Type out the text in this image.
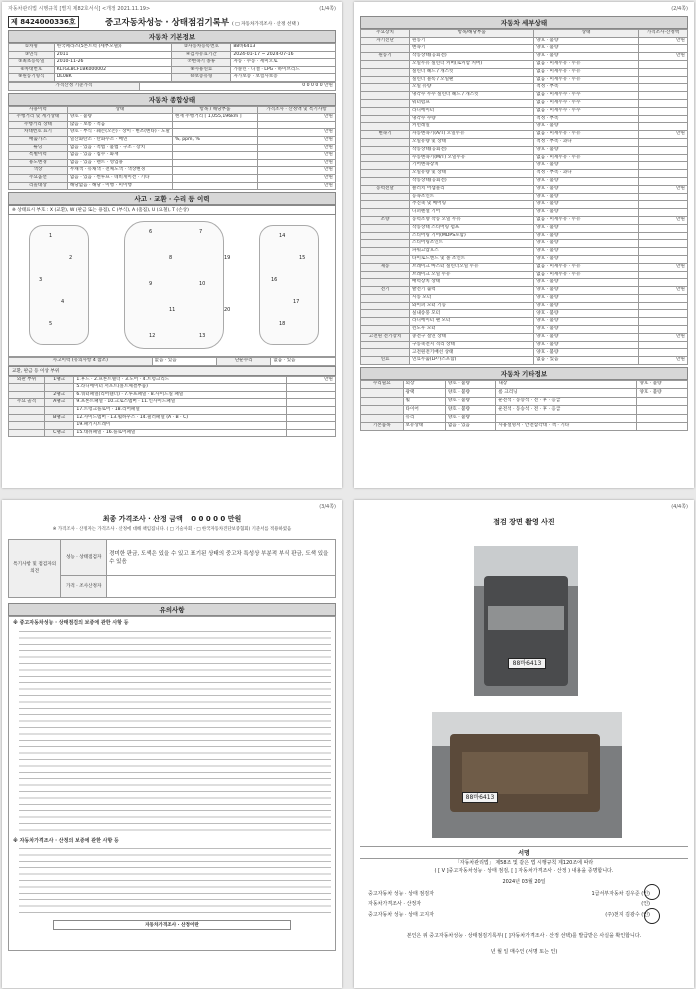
자동차관리법 시행규칙 [별지 제82호서식] <개정 2021.11.19>	(1/4쪽)
제 8424000336호	중고자동차성능 · 상태점검기록부 ( □ 자동차가격조사 · 산정 선택 )
자동차 기본정보
①차명	한국페라즈(5톤트럭 (세부모델))	②자동차등록번호	88바6413
③연식	2011	④검사유효기간	2024-01-17 ~ 2024-07-16
⑤최초등록일	2010-11-26	⑦변속기 종류	자동 · 수동 · 세미오토
⑥차대번호	KLTGL8CF1BK000002	⑧사용연료	가솔린 · 디젤 · LPG · 하이브리드
⑨원동기형식	DL08K	⑩보증유형	자가보증 · 보험사보증
가격산정 기준가격	0 0 0 0 0 만원
자동차 종합상태
사용이력	상태	항목 / 해당부품	가격조사 · 산정액 및 특기사항
주행거리 및 계기상태	양호 · 불량	현재 주행거리 [ 1,055,196km ]	만원
주행거리 상태	많음 · 보통 · 적음		
차대번호 표기	양호 · 부식 · 훼손(오손) · 상이 · 변조(변타) · 도말		만원
배출가스	일산화탄소 · 탄화수소 · 매연	%, ppm, %	만원
튜닝	없음 · 있음 · 적법 · 불법 · 구조 · 장치		만원
특별이력	없음 · 있음 · 침수 · 화재		만원
용도변경	없음 · 있음 · 렌트 · 영업용		만원
색상	무채색 · 유채색 · 전체도색 · 색상변경		만원
주요옵션	없음 · 있음 · 썬루프 · 네비게이션 · 기타		만원
리콜대상	해당없음 · 해당 · 이행 · 미이행		만원
사고 · 교환 · 수리 등 이력
※ 상태표시 부호 : X (교환), W (판금 또는 용접), C (부식), A (흠집), U (요철), T (손상)
1
2
3
4
5
6	7
8
9	10
11
12	13
14
15
16
17
18
19
20
사고이력 (유의사항 4 참조)	없음 · 있음	단순수리	없음 · 있음
교환, 판금 등 이상 부위
외판 부위	1랭크	1.후드 · 2.프론트휀더 · 3.도어 · 4.트렁크리드	만원
		5.라디에이터 서포트(볼트체결부품)	
	2랭크	6.쿼터패널(리어휀더) · 7.루프패널 · 8.사이드실 패널	
주요 골격	A랭크	9.프론트패널 · 10.크로스멤버 · 11.인사이드패널	
		17.트렁크플로어 · 18.리어패널	
	B랭크	12.사이드멤버 · 13.휠하우스 · 14.필러패널 (A · B · C)	
		19.패키지트레이	
	C랭크	15.대쉬패널 · 16.플로어패널	
(2/4쪽)
자동차 세부상태
주요장치	항목/해당부품	상태	가격조사·산정액
자기진단	원동기	양호 · 불량	만원
	변속기	양호 · 불량	
원동기	작동상태(공회전)	양호 · 불량	만원
	오일누유 실린더 커버(로커암 커버)	없음 · 미세누유 · 누유	
	실린더 헤드 / 개스킷	없음 · 미세누유 · 누유	
	실린더 블록 / 오일팬	없음 · 미세누유 · 누유	
	오일 유량	적정 · 부족	
	냉각수 누수 실린더 헤드 / 개스킷	없음 · 미세누수 · 누수	
	워터펌프	없음 · 미세누수 · 누수	
	라디에이터	없음 · 미세누수 · 누수	
	냉각수 수량	적정 · 부족	
	커먼레일	양호 · 불량	
변속기	자동변속기(A/T) 오일누유	없음 · 미세누유 · 누유	만원
	오일유량 및 상태	적정 · 부족 · 과다	
	작동상태(공회전)	양호 · 불량	
	수동변속기(M/T) 오일누유	없음 · 미세누유 · 누유	
	기어변속장치	양호 · 불량	
	오일유량 및 상태	적정 · 부족 · 과다	
	작동상태(공회전)	양호 · 불량	
동력전달	클러치 어셈블리	양호 · 불량	만원
	등속조인트	양호 · 불량	
	추진축 및 베어링	양호 · 불량	
	디퍼렌셜 기어	양호 · 불량	
조향	동력조향 작동 오일 누유	없음 · 미세누유 · 누유	만원
	작동상태 스티어링 펌프	양호 · 불량	
	스티어링 기어(MDPS포함)	양호 · 불량	
	스티어링조인트	양호 · 불량	
	파워고압호스	양호 · 불량	
	타이로드엔드 및 볼 조인트	양호 · 불량	
제동	브레이크 마스터 실린더오일 누유	없음 · 미세누유 · 누유	만원
	브레이크 오일 누유	없음 · 미세누유 · 누유	
	배력장치 상태	양호 · 불량	
전기	발전기 출력	양호 · 불량	만원
	시동 모터	양호 · 불량	
	와이퍼 모터 기능	양호 · 불량	
	실내송풍 모터	양호 · 불량	
	라디에이터 팬 모터	양호 · 불량	
	윈도우 모터	양호 · 불량	
고전원 전기장치	충전구 절연 상태	양호 · 불량	만원
	구동축전지 격리 상태	양호 · 불량	
	고전원전기배선 상태	양호 · 불량	
연료	연료누출(LP가스포함)	없음 · 있음	만원
자동차 기타정보
수리필요	외장	양호 · 불량	내장	양호 · 불량
	광택	양호 · 불량	룸 크리닝	양호 · 불량
	휠	양호 · 불량	운전석 · 동승석 · 전 · 후 · 응급	
	타이어	양호 · 불량	운전석 · 동승석 · 전 · 후 · 응급	
	유리	양호 · 불량		
기본품목	보유상태	없음 · 있음	사용설명서 · 안전삼각대 · 잭 · 기타	
(3/4쪽)
최종 가격조사 · 산정 금액 0 0 0 0 0 만원
※ 가격조사 · 산정자는 가격조사 · 산정에 대해 책임집니다. ( □ 기술사회 · □ 한국자동차진단보증협회) 기준서를 적용하였음
특기사항 및 점검자의 의견	성능 · 상태점검자	경미한 판금, 도색은 있을 수 있고 표기된 상태의 중고차 특성상 부분적 부식 판금, 도색 있을 수 있음
	가격 · 조사산정자	
유의사항
※ 중고자동차성능 · 상태점검의 보증에 관한 사항 등
※ 자동차가격조사 · 산정의 보증에 관한 사항 등
자동차가격조사 · 산정이란
(4/4쪽)
점검 장면 촬영 사진
88바6413
88바6413
서명
「자동차관리법」 제58조 및 같은 법 시행규칙 제120조에 따라
( [ V ]중고자동차성능 · 상태 점검, [ ] 자동차가격조사 · 산정 ) 내용을 증명합니다.
2024년 03월 20일
중고자동차 성능 · 상태 점검자	1급서부자동차 김우준 (인)
자동차가격조사 · 산정자	(인)
중고자동차 성능 · 상태 고지자	(주)천지 김광수 (인)
본인은 위 중고자동차성능 · 상태점검기록부( [ ]자동차가격조사 · 산정 선택)를 발급받은 사실을 확인합니다.
년 월 일 매수인 (서명 또는 인)
